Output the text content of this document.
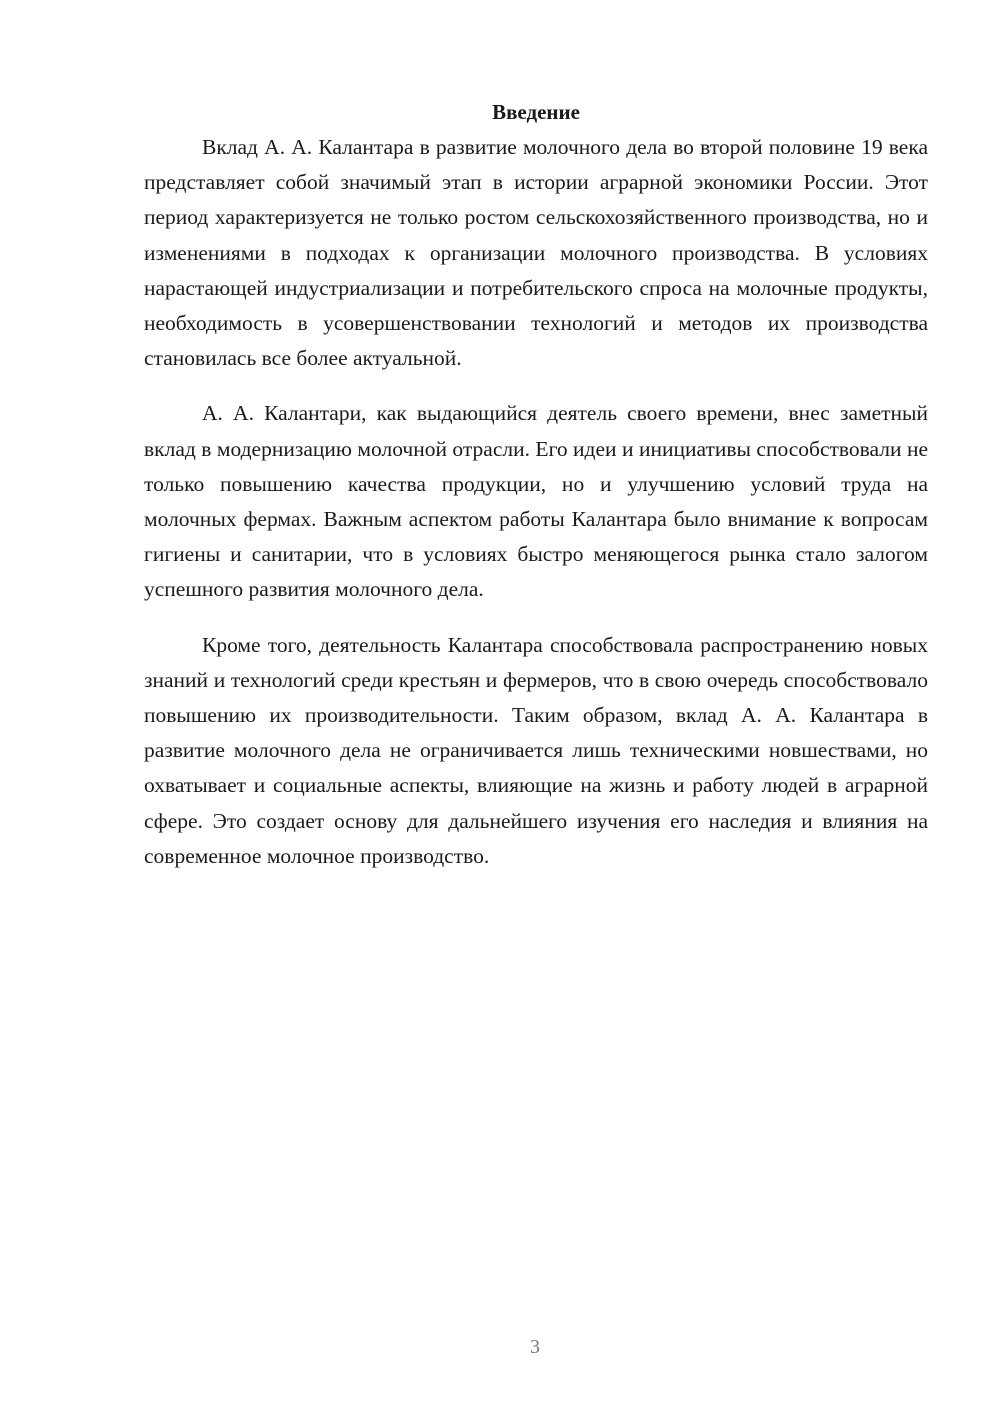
Введение

Вклад А. А. Калантара в развитие молочного дела во второй половине 19 века представляет собой значимый этап в истории аграрной экономики России. Этот период характеризуется не только ростом сельскохозяйственного производства, но и изменениями в подходах к организации молочного производства. В условиях нарастающей индустриализации и потребительского спроса на молочные продукты, необходимость в усовершенствовании технологий и методов их производства становилась все более актуальной.

А. А. Калантари, как выдающийся деятель своего времени, внес заметный вклад в модернизацию молочной отрасли. Его идеи и инициативы способствовали не только повышению качества продукции, но и улучшению условий труда на молочных фермах. Важным аспектом работы Калантара было внимание к вопросам гигиены и санитарии, что в условиях быстро меняющегося рынка стало залогом успешного развития молочного дела.

Кроме того, деятельность Калантара способствовала распространению новых знаний и технологий среди крестьян и фермеров, что в свою очередь способствовало повышению их производительности. Таким образом, вклад А. А. Калантара в развитие молочного дела не ограничивается лишь техническими новшествами, но охватывает и социальные аспекты, влияющие на жизнь и работу людей в аграрной сфере. Это создает основу для дальнейшего изучения его наследия и влияния на современное молочное производство.

3
